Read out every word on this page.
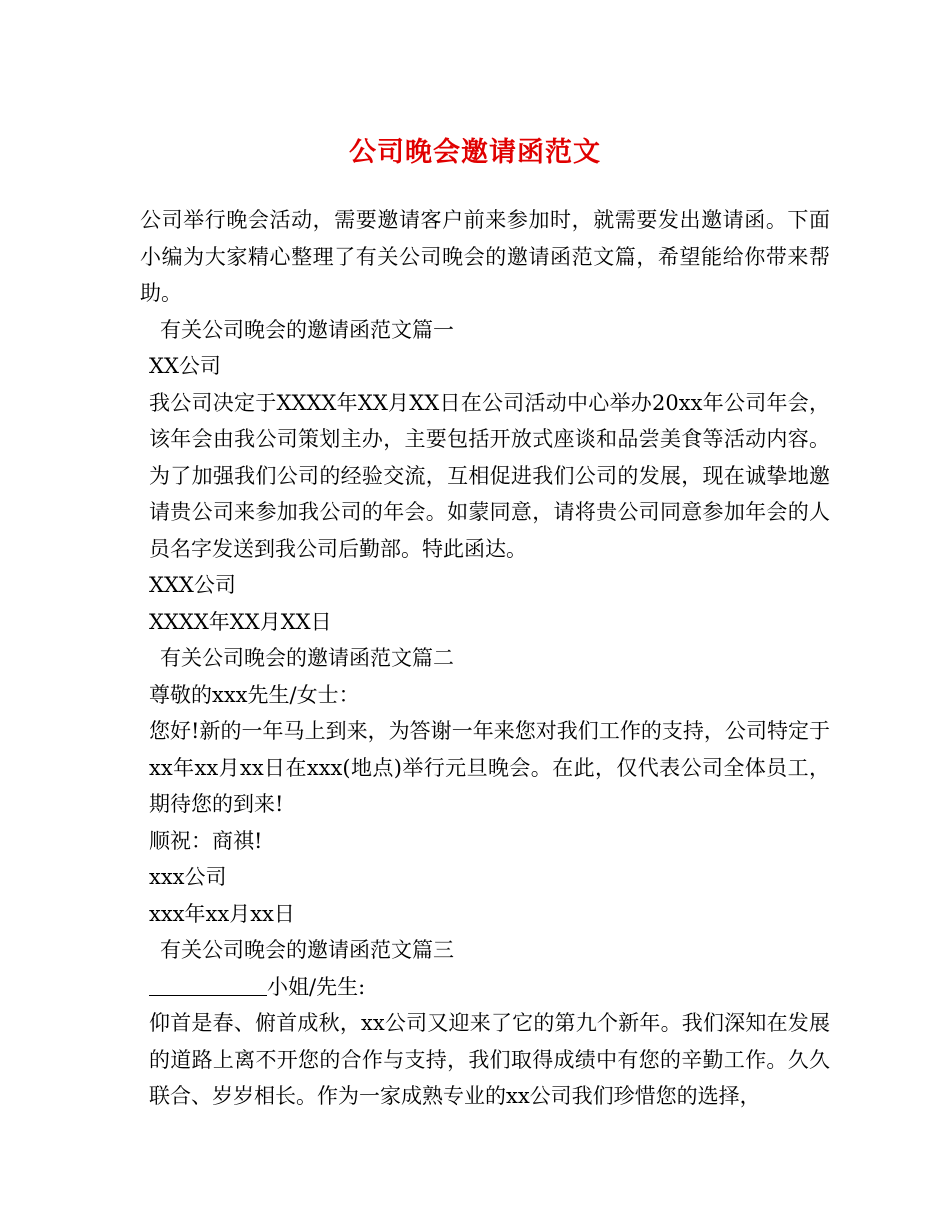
公司晚会邀请函范文

公司举行晚会活动，需要邀请客户前来参加时，就需要发出邀请函。下面小编为大家精心整理了有关公司晚会的邀请函范文篇，希望能给你带来帮助。

有关公司晚会的邀请函范文篇一

XX公司

我公司决定于XXXX年XX月XX日在公司活动中心举办20xx年公司年会，该年会由我公司策划主办，主要包括开放式座谈和品尝美食等活动内容。为了加强我们公司的经验交流，互相促进我们公司的发展，现在诚挚地邀请贵公司来参加我公司的年会。如蒙同意，请将贵公司同意参加年会的人员名字发送到我公司后勤部。特此函达。

XXX公司

XXXX年XX月XX日

有关公司晚会的邀请函范文篇二

尊敬的xxx先生/女士：

您好!新的一年马上到来，为答谢一年来您对我们工作的支持，公司特定于xx年xx月xx日在xxx(地点)举行元旦晚会。在此，仅代表公司全体员工，期待您的到来!

顺祝：商祺!

xxx公司

xxx年xx月xx日

有关公司晚会的邀请函范文篇三

小姐/先生:

仰首是春、俯首成秋，xx公司又迎来了它的第九个新年。我们深知在发展的道路上离不开您的合作与支持，我们取得成绩中有您的辛勤工作。久久联合、岁岁相长。作为一家成熟专业的xx公司我们珍惜您的选择，
